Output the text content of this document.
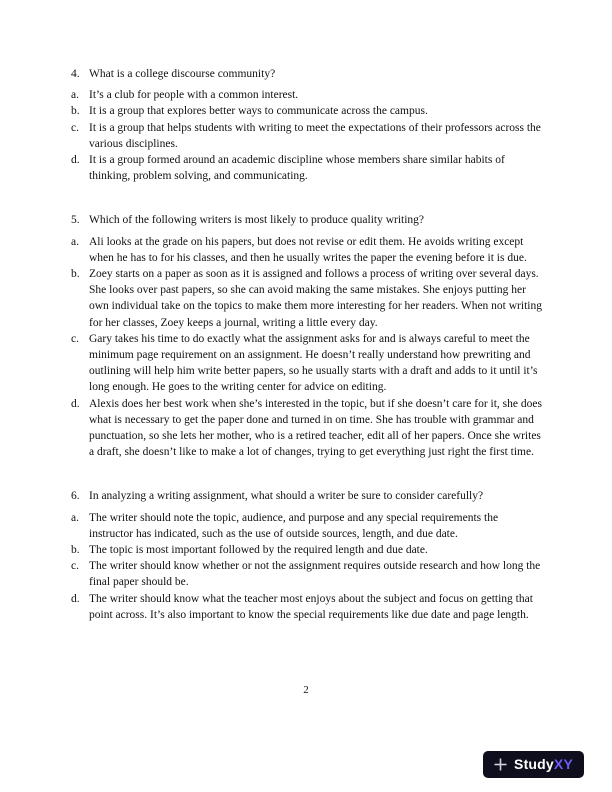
4. What is a college discourse community?
a. It’s a club for people with a common interest.
b. It is a group that explores better ways to communicate across the campus.
c. It is a group that helps students with writing to meet the expectations of their professors across the various disciplines.
d. It is a group formed around an academic discipline whose members share similar habits of thinking, problem solving, and communicating.
5. Which of the following writers is most likely to produce quality writing?
a. Ali looks at the grade on his papers, but does not revise or edit them. He avoids writing except when he has to for his classes, and then he usually writes the paper the evening before it is due.
b. Zoey starts on a paper as soon as it is assigned and follows a process of writing over several days. She looks over past papers, so she can avoid making the same mistakes. She enjoys putting her own individual take on the topics to make them more interesting for her readers. When not writing for her classes, Zoey keeps a journal, writing a little every day.
c. Gary takes his time to do exactly what the assignment asks for and is always careful to meet the minimum page requirement on an assignment. He doesn’t really understand how prewriting and outlining will help him write better papers, so he usually starts with a draft and adds to it until it’s long enough. He goes to the writing center for advice on editing.
d. Alexis does her best work when she’s interested in the topic, but if she doesn’t care for it, she does what is necessary to get the paper done and turned in on time. She has trouble with grammar and punctuation, so she lets her mother, who is a retired teacher, edit all of her papers. Once she writes a draft, she doesn’t like to make a lot of changes, trying to get everything just right the first time.
6. In analyzing a writing assignment, what should a writer be sure to consider carefully?
a. The writer should note the topic, audience, and purpose and any special requirements the instructor has indicated, such as the use of outside sources, length, and due date.
b. The topic is most important followed by the required length and due date.
c. The writer should know whether or not the assignment requires outside research and how long the final paper should be.
d. The writer should know what the teacher most enjoys about the subject and focus on getting that point across. It’s also important to know the special requirements like due date and page length.
2
StudyXY
